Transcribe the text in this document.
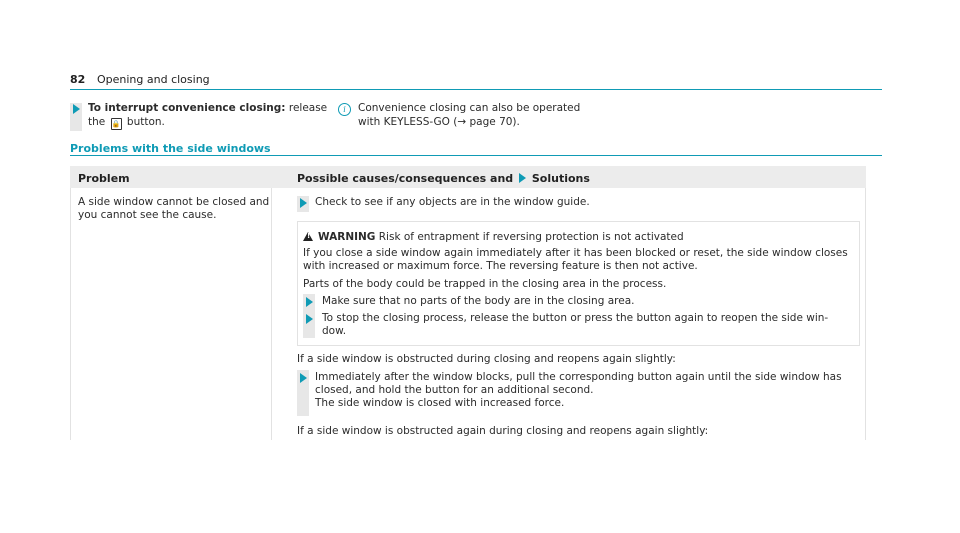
82 Opening and closing
To interrupt convenience closing: release
the 🔒 button.
i	Convenience closing can also be operated
with KEYLESS-GO (→ page 70).
Problems with the side windows
Problem	Possible causes/consequences and Solutions
A side window cannot be closed and
you cannot see the cause.
Check to see if any objects are in the window guide.
! WARNING Risk of entrapment if reversing protection is not activated
If you close a side window again immediately after it has been blocked or reset, the side window closes
with increased or maximum force. The reversing feature is then not active.
Parts of the body could be trapped in the closing area in the process.
Make sure that no parts of the body are in the closing area.
To stop the closing process, release the button or press the button again to reopen the side win-
dow.
If a side window is obstructed during closing and reopens again slightly:
Immediately after the window blocks, pull the corresponding button again until the side window has
closed, and hold the button for an additional second.
The side window is closed with increased force.
If a side window is obstructed again during closing and reopens again slightly:
